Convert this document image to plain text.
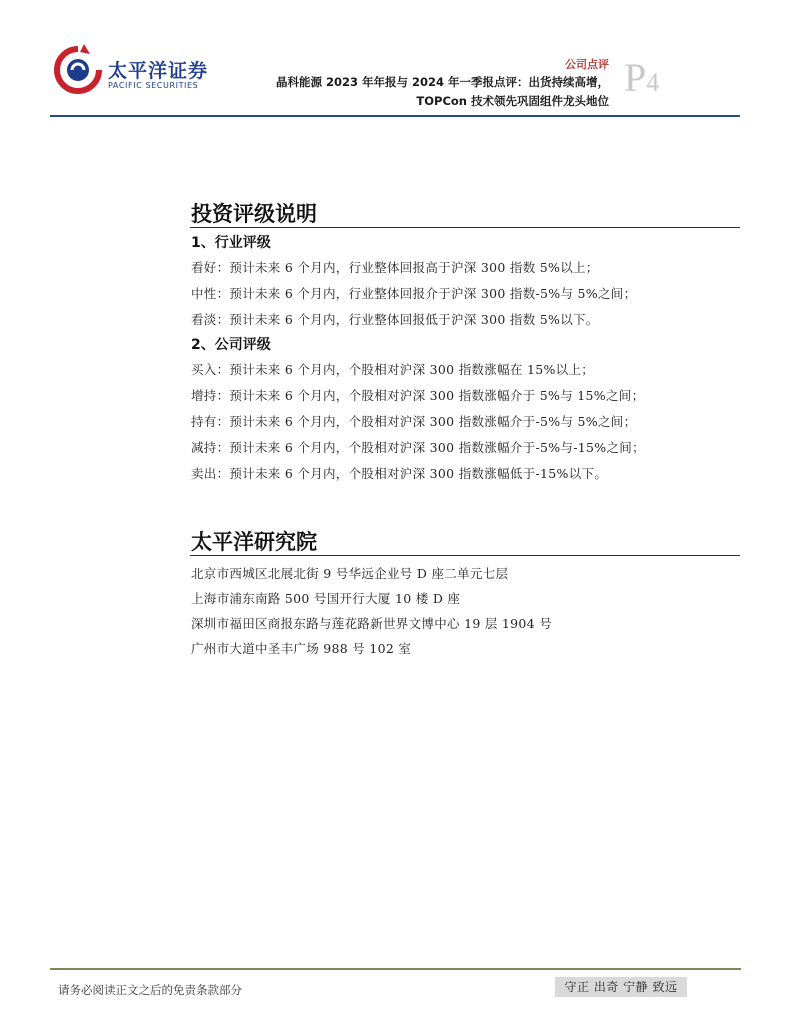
太平洋证券
PACIFIC SECURITIES
公司点评
晶科能源 2023 年年报与 2024 年一季报点评：出货持续高增，
TOPCon 技术领先巩固组件龙头地位
P4
投资评级说明
1、行业评级
看好：预计未来 6 个月内，行业整体回报高于沪深 300 指数 5%以上；
中性：预计未来 6 个月内，行业整体回报介于沪深 300 指数-5%与 5%之间；
看淡：预计未来 6 个月内，行业整体回报低于沪深 300 指数 5%以下。
2、公司评级
买入：预计未来 6 个月内，个股相对沪深 300 指数涨幅在 15%以上；
增持：预计未来 6 个月内，个股相对沪深 300 指数涨幅介于 5%与 15%之间；
持有：预计未来 6 个月内，个股相对沪深 300 指数涨幅介于-5%与 5%之间；
减持：预计未来 6 个月内，个股相对沪深 300 指数涨幅介于-5%与-15%之间；
卖出：预计未来 6 个月内，个股相对沪深 300 指数涨幅低于-15%以下。
太平洋研究院
北京市西城区北展北街 9 号华远企业号 D 座二单元七层
上海市浦东南路 500 号国开行大厦 10 楼 D 座
深圳市福田区商报东路与莲花路新世界文博中心 19 层 1904 号
广州市大道中圣丰广场 988 号 102 室
请务必阅读正文之后的免责条款部分	守正 出奇 宁静 致远
